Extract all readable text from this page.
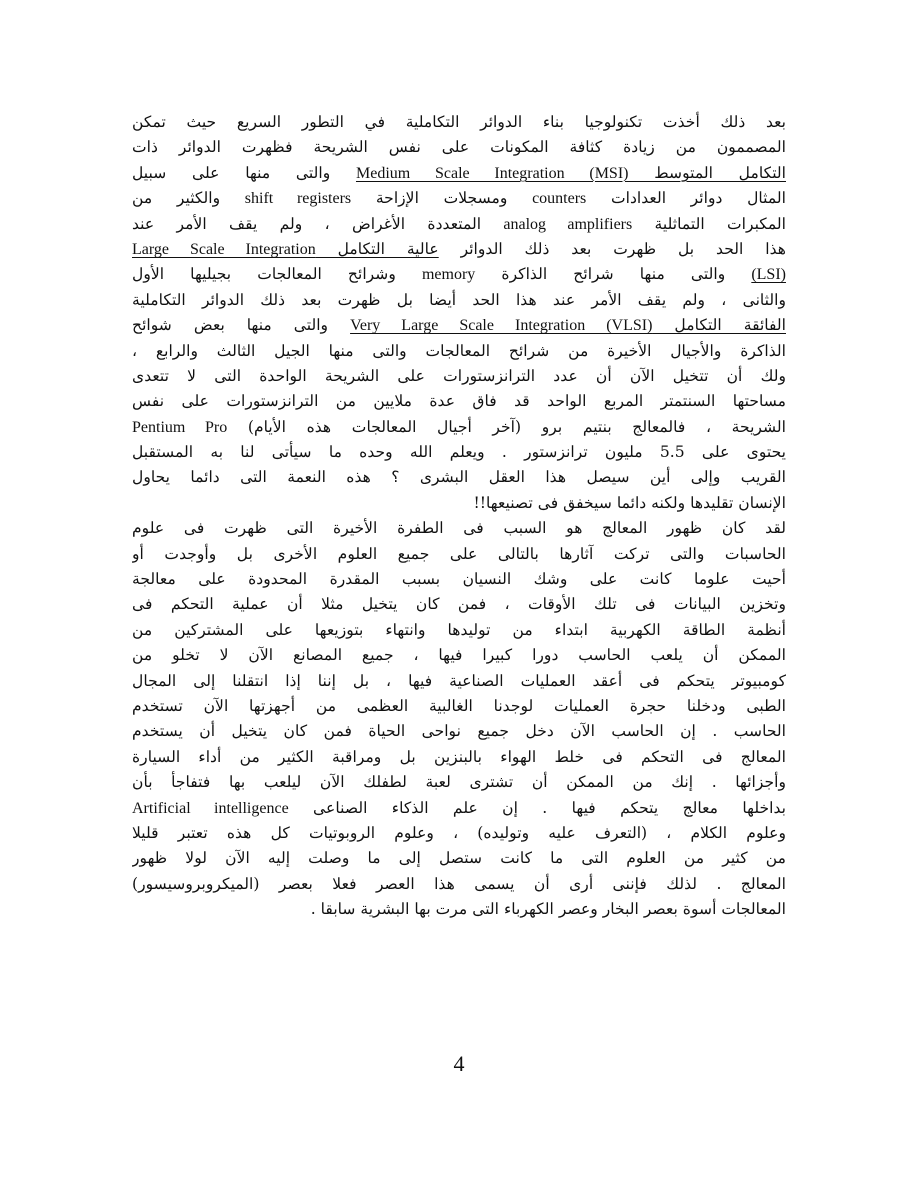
بعد ذلك أخذت تكنولوجيا بناء الدوائر التكاملية في التطور السريع حيث تمكن
المصممون من زيادة كثافة المكونات على نفس الشريحة فظهرت الدوائر ذات
التكامل المتوسط Medium Scale Integration (MSI) والتى منها على سبيل
المثال دوائر العدادات counters ومسجلات الإزاحة shift registers والكثير من
المكبرات التماثلية analog amplifiers المتعددة الأغراض ، ولم يقف الأمر عند
هذا الحد بل ظهرت بعد ذلك الدوائر عالية التكامل Large Scale Integration
(LSI) والتى منها شرائح الذاكرة memory وشرائح المعالجات بجيليها الأول
والثانى ، ولم يقف الأمر عند هذا الحد أيضا بل ظهرت بعد ذلك الدوائر التكاملية
الفائقة التكامل Very Large Scale Integration (VLSI) والتى منها بعض شوائح
الذاكرة والأجيال الأخيرة من شرائح المعالجات والتى منها الجيل الثالث والرابع ،
ولك أن تتخيل الآن أن عدد الترانزستورات على الشريحة الواحدة التى لا تتعدى
مساحتها السنتمتر المربع الواحد قد فاق عدة ملايين من الترانزستورات على نفس
الشريحة ، فالمعالج بنتيم برو (آخر أجيال المعالجات هذه الأيام) Pentium Pro
يحتوى على 5.5 مليون ترانزستور . ويعلم الله وحده ما سيأتى لنا به المستقبل
القريب وإلى أين سيصل هذا العقل البشرى ؟ هذه النعمة التى دائما يحاول
الإنسان تقليدها ولكنه دائما سيخفق فى تصنيعها!!
لقد كان ظهور المعالج هو السبب فى الطفرة الأخيرة التى ظهرت فى علوم
الحاسبات والتى تركت آثارها بالتالى على جميع العلوم الأخرى بل وأوجدت أو
أحيت علوما كانت على وشك النسيان بسبب المقدرة المحدودة على معالجة
وتخزين البيانات فى تلك الأوقات ، فمن كان يتخيل مثلا أن عملية التحكم فى
أنظمة الطاقة الكهربية ابتداء من توليدها وانتهاء بتوزيعها على المشتركين من
الممكن أن يلعب الحاسب دورا كبيرا فيها ، جميع المصانع الآن لا تخلو من
كومبيوتر يتحكم فى أعقد العمليات الصناعية فيها ، بل إننا إذا انتقلنا إلى المجال
الطبى ودخلنا حجرة العمليات لوجدنا الغالبية العظمى من أجهزتها الآن تستخدم
الحاسب . إن الحاسب الآن دخل جميع نواحى الحياة فمن كان يتخيل أن يستخدم
المعالج فى التحكم فى خلط الهواء بالبنزين بل ومراقبة الكثير من أداء السيارة
وأجزائها . إنك من الممكن أن تشترى لعبة لطفلك الآن ليلعب بها فتفاجأ بأن
بداخلها معالج يتحكم فيها . إن علم الذكاء الصناعى Artificial intelligence
وعلوم الكلام ، (التعرف عليه وتوليده) ، وعلوم الروبوتيات كل هذه تعتبر قليلا
من كثير من العلوم التى ما كانت ستصل إلى ما وصلت إليه الآن لولا ظهور
المعالج . لذلك فإننى أرى أن يسمى هذا العصر فعلا بعصر (الميكروبروسيسور)
المعالجات أسوة بعصر البخار وعصر الكهرباء التى مرت بها البشرية سابقا .
4
